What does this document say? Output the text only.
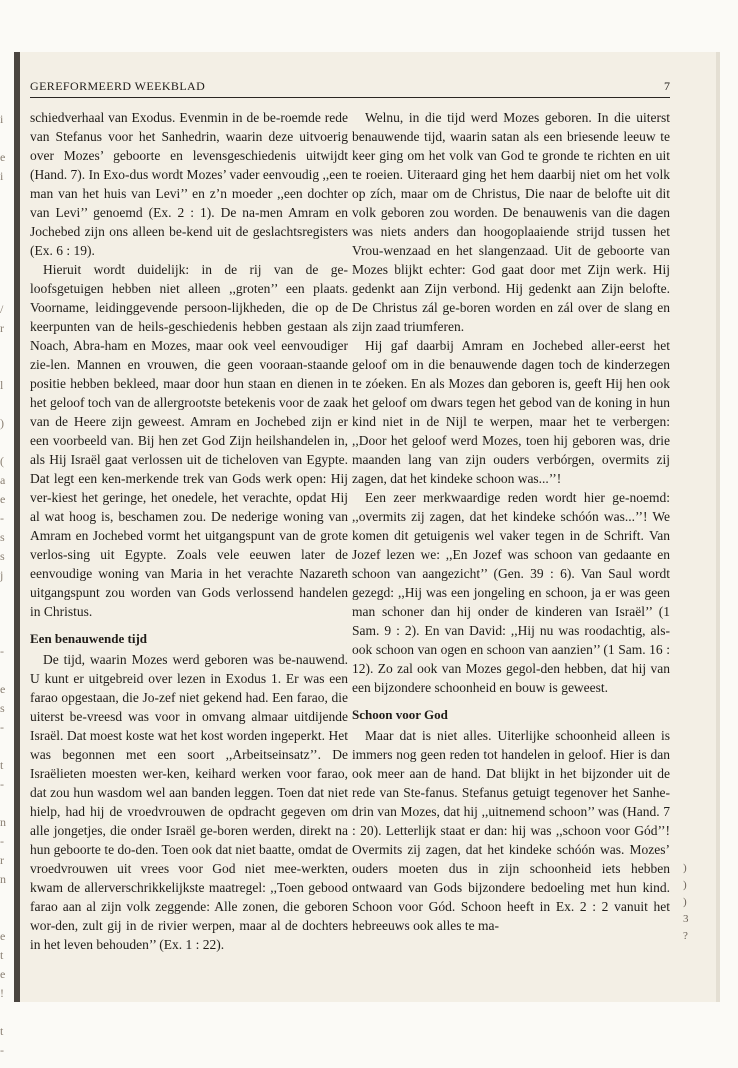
i
e
i
/
r
l
)
(
a
e
-
s
s
j
-
e
s
-
t
-
n
-
r
n
e
t
e
!
t
-
GEREFORMEERD WEEKBLAD	7

schiedverhaal van Exodus. Evenmin in de be-roemde rede van Stefanus voor het Sanhedrin, waarin deze uitvoerig over Mozes’ geboorte en levensgeschiedenis uitwijdt (Hand. 7). In Exo-dus wordt Mozes’ vader eenvoudig ,,een man van het huis van Levi’’ en z’n moeder ,,een dochter van Levi’’ genoemd (Ex. 2 : 1). De na-men Amram en Jochebed zijn ons alleen be-kend uit de geslachtsregisters (Ex. 6 : 19).

Hieruit wordt duidelijk: in de rij van de ge-loofsgetuigen hebben niet alleen ,,groten’’ een plaats. Voorname, leidinggevende persoon-lijkheden, die op de keerpunten van de heils-geschiedenis hebben gestaan als Noach, Abra-ham en Mozes, maar ook veel eenvoudiger zie-len. Mannen en vrouwen, die geen vooraan-staande positie hebben bekleed, maar door hun staan en dienen in het geloof toch van de allergrootste betekenis voor de zaak van de Heere zijn geweest. Amram en Jochebed zijn er een voorbeeld van. Bij hen zet God Zijn heilshandelen in, als Hij Israël gaat verlossen uit de ticheloven van Egypte. Dat legt een ken-merkende trek van Gods werk open: Hij ver-kiest het geringe, het onedele, het verachte, opdat Hij al wat hoog is, beschamen zou. De nederige woning van Amram en Jochebed vormt het uitgangspunt van de grote verlos-sing uit Egypte. Zoals vele eeuwen later de eenvoudige woning van Maria in het verachte Nazareth uitgangspunt zou worden van Gods verlossend handelen in Christus.

Een benauwende tijd

De tijd, waarin Mozes werd geboren was be-nauwend. U kunt er uitgebreid over lezen in Exodus 1. Er was een farao opgestaan, die Jo-zef niet gekend had. Een farao, die uiterst be-vreesd was voor in omvang almaar uitdijende Israël. Dat moest koste wat het kost worden ingeperkt. Het was begonnen met een soort ,,Arbeitseinsatz’’. De Israëlieten moesten wer-ken, keihard werken voor farao, dat zou hun wasdom wel aan banden leggen. Toen dat niet hielp, had hij de vroedvrouwen de opdracht gegeven om alle jongetjes, die onder Israël ge-boren werden, direkt na hun geboorte te do-den. Toen ook dat niet baatte, omdat de vroedvrouwen uit vrees voor God niet mee-werkten, kwam de allerverschrikkelijkste maatregel: ,,Toen gebood farao aan al zijn volk zeggende: Alle zonen, die geboren wor-den, zult gij in de rivier werpen, maar al de dochters in het leven behouden’’ (Ex. 1 : 22).

Welnu, in die tijd werd Mozes geboren. In die uiterst benauwende tijd, waarin satan als een briesende leeuw te keer ging om het volk van God te gronde te richten en uit te roeien. Uiteraard ging het hem daarbij niet om het volk op zích, maar om de Christus, Die naar de belofte uit dit volk geboren zou worden. De benauwenis van die dagen was niets anders dan hoogoplaaiende strijd tussen het Vrou-wenzaad en het slangenzaad. Uit de geboorte van Mozes blijkt echter: God gaat door met Zijn werk. Hij gedenkt aan Zijn verbond. Hij gedenkt aan Zijn belofte. De Christus zál ge-boren worden en zál over de slang en zijn zaad triumferen.

Hij gaf daarbij Amram en Jochebed aller-eerst het geloof om in die benauwende dagen toch de kinderzegen te zóeken. En als Mozes dan geboren is, geeft Hij hen ook het geloof om dwars tegen het gebod van de koning in hun kind niet in de Nijl te werpen, maar het te verbergen: ,,Door het geloof werd Mozes, toen hij geboren was, drie maanden lang van zijn ouders verbórgen, overmits zij zagen, dat het kindeke schoon was...’’!

Een zeer merkwaardige reden wordt hier ge-noemd: ,,overmits zij zagen, dat het kindeke schóón was...’’! We komen dit getuigenis wel vaker tegen in de Schrift. Van Jozef lezen we: ,,En Jozef was schoon van gedaante en schoon van aangezicht’’ (Gen. 39 : 6). Van Saul wordt gezegd: ,,Hij was een jongeling en schoon, ja er was geen man schoner dan hij onder de kinderen van Israël’’ (1 Sam. 9 : 2). En van David: ,,Hij nu was roodachtig, als-ook schoon van ogen en schoon van aanzien’’ (1 Sam. 16 : 12). Zo zal ook van Mozes gegol-den hebben, dat hij van een bijzondere schoonheid en bouw is geweest.

Schoon voor God

Maar dat is niet alles. Uiterlijke schoonheid alleen is immers nog geen reden tot handelen in geloof. Hier is dan ook meer aan de hand. Dat blijkt in het bijzonder uit de rede van Ste-fanus. Stefanus getuigt tegenover het Sanhe-drin van Mozes, dat hij ,,uitnemend schoon’’ was (Hand. 7 : 20). Letterlijk staat er dan: hij was ,,schoon voor Gód’’! Overmits zij zagen, dat het kindeke schóón was. Mozes’ ouders moeten dus in zijn schoonheid iets hebben ontwaard van Gods bijzondere bedoeling met hun kind. Schoon voor Gód. Schoon heeft in Ex. 2 : 2 vanuit het hebreeuws ook alles te ma-

)
)
)
3
?
